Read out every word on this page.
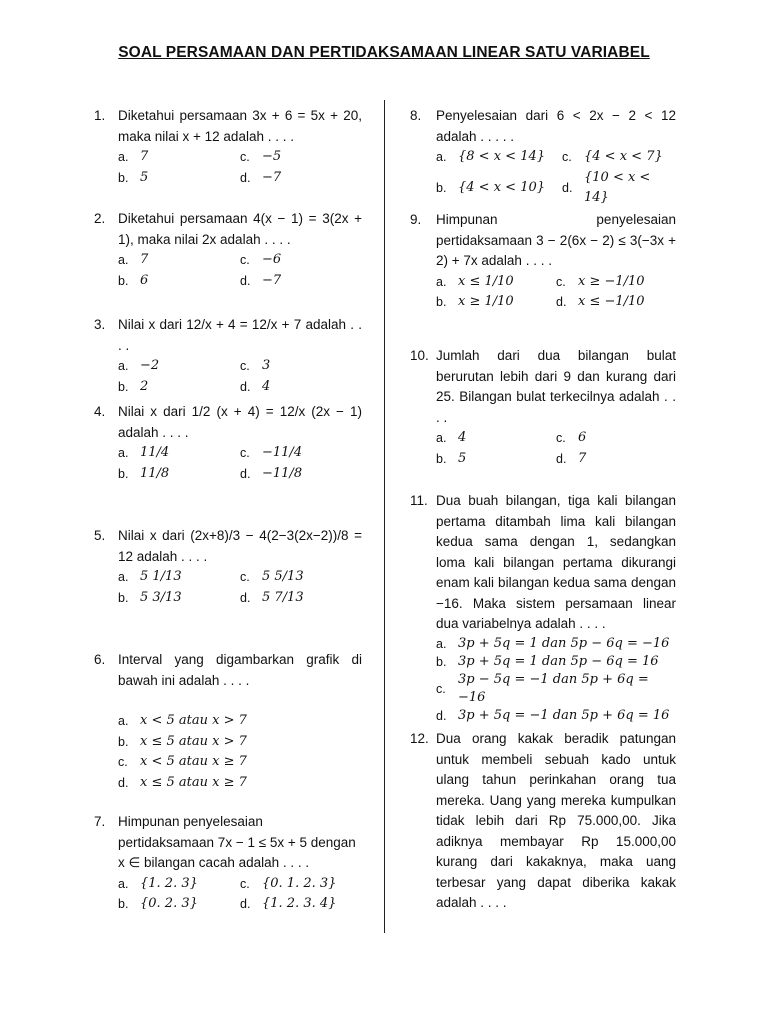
SOAL PERSAMAAN DAN PERTIDAKSAMAAN LINEAR SATU VARIABEL
1. Diketahui persamaan 3x + 6 = 5x + 20, maka nilai x + 12 adalah . . . .
a. 7	c. −5
b. 5	d. −7
2. Diketahui persamaan 4(x − 1) = 3(2x + 1), maka nilai 2x adalah . . . .
a. 7	c. −6
b. 6	d. −7
3. Nilai x dari 12/x + 4 = 12/x + 7 adalah . . . .
a. −2	c. 3
b. 2	d. 4
4. Nilai x dari 1/2 (x + 4) = 12/x (2x − 1) adalah . . . .
a. 11/4	c. −11/4
b. 11/8	d. −11/8
5. Nilai x dari (2x+8)/3 − 4(2−3(2x−2))/8 = 12 adalah . . . .
a. 5 1/13	c. 5 5/13
b. 5 3/13	d. 5 7/13
6. Interval yang digambarkan grafik di bawah ini adalah . . . .
a. x < 5 atau x > 7
b. x ≤ 5 atau x > 7
c. x < 5 atau x ≥ 7
d. x ≤ 5 atau x ≥ 7
7. Himpunan penyelesaian pertidaksamaan 7x − 1 ≤ 5x + 5 dengan x ∈ bilangan cacah adalah . . . .
a. {1. 2. 3}	c. {0. 1. 2. 3}
b. {0. 2. 3}	d. {1. 2. 3. 4}
8. Penyelesaian dari 6 < 2x − 2 < 12 adalah . . . . .
a. {8 < x < 14} c. {4 < x < 7}
b. {4 < x < 10} d.
{10 < x < 14}
9. Himpunan penyelesaian pertidaksamaan 3 − 2(6x − 2) ≤ 3(−3x + 2) + 7x adalah . . . .
a. x ≤ 1/10	c. x ≥ −1/10
b. x ≥ 1/10	d. x ≤ −1/10
10. Jumlah dari dua bilangan bulat berurutan lebih dari 9 dan kurang dari 25. Bilangan bulat terkecilnya adalah . . . .
a. 4	c. 6
b. 5	d. 7
11. Dua buah bilangan, tiga kali bilangan pertama ditambah lima kali bilangan kedua sama dengan 1, sedangkan loma kali bilangan pertama dikurangi enam kali bilangan kedua sama dengan −16. Maka sistem persamaan linear dua variabelnya adalah . . . .
a. 3p + 5q = 1 dan 5p − 6q = −16
b. 3p + 5q = 1 dan 5p − 6q = 16
c.
3p − 5q = −1 dan 5p + 6q = −16
d. 3p + 5q = −1 dan 5p + 6q = 16
12. Dua orang kakak beradik patungan untuk membeli sebuah kado untuk ulang tahun perinkahan orang tua mereka. Uang yang mereka kumpulkan tidak lebih dari Rp 75.000,00. Jika adiknya membayar Rp 15.000,00 kurang dari kakaknya, maka uang terbesar yang dapat diberika kakak adalah . . . .
